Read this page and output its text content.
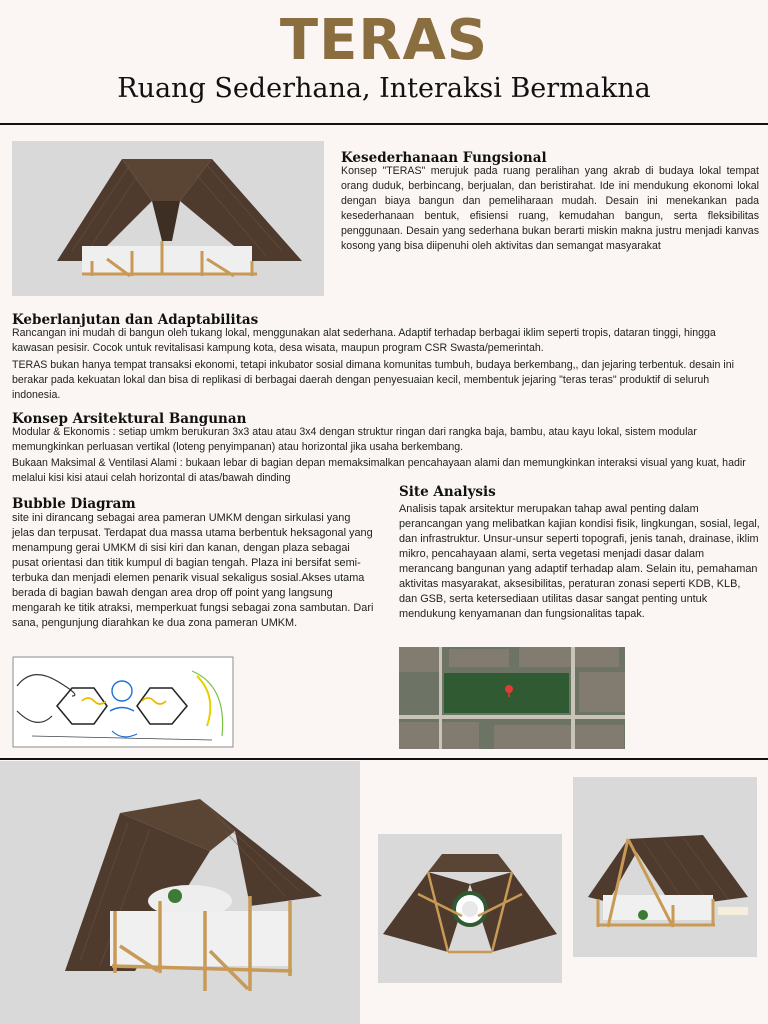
TERAS
Ruang Sederhana, Interaksi Bermakna
Kesederhanaan Fungsional
Konsep "TERAS" merujuk pada ruang peralihan yang akrab di budaya lokal tempat orang duduk, berbincang, berjualan, dan beristirahat. Ide ini mendukung ekonomi lokal dengan biaya bangun dan pemeliharaan mudah. Desain ini menekankan pada kesederhanaan bentuk, efisiensi ruang, kemudahan bangun, serta fleksibilitas penggunaan. Desain yang sederhana bukan berarti miskin makna justru menjadi kanvas kosong yang bisa diipenuhi oleh aktivitas dan semangat masyarakat
Keberlanjutan dan Adaptabilitas
Rancangan ini mudah di bangun oleh tukang lokal, menggunakan alat sederhana. Adaptif terhadap berbagai iklim seperti tropis, dataran tinggi, hingga kawasan pesisir. Cocok untuk revitalisasi kampung kota, desa wisata, maupun program CSR Swasta/pemerintah.
TERAS bukan hanya tempat transaksi ekonomi, tetapi inkubator sosial dimana komunitas tumbuh, budaya berkembang,, dan jejaring terbentuk. desain ini berakar pada kekuatan lokal dan bisa di replikasi di berbagai daerah dengan penyesuaian kecil, membentuk jejaring "teras teras" produktif di seluruh indonesia.
Konsep Arsitektural Bangunan
Modular & Ekonomis : setiap umkm berukuran 3x3 atau atau 3x4 dengan struktur ringan dari rangka baja, bambu, atau kayu lokal, sistem modular memungkinkan perluasan vertikal (loteng penyimpanan) atau horizontal jika usaha berkembang.
Bukaan Maksimal & Ventilasi Alami : bukaan lebar di bagian depan memaksimalkan pencahayaan alami dan memungkinkan interaksi visual yang kuat, hadir melalui kisi kisi ataui celah horizontal di atas/bawah dinding
Bubble Diagram
site ini dirancang sebagai area pameran UMKM dengan sirkulasi yang jelas dan terpusat. Terdapat dua massa utama berbentuk heksagonal yang menampung gerai UMKM di sisi kiri dan kanan, dengan plaza sebagai pusat orientasi dan titik kumpul di bagian tengah. Plaza ini bersifat semi-terbuka dan menjadi elemen penarik visual sekaligus sosial.Akses utama berada di bagian bawah dengan area drop off point yang langsung mengarah ke titik atraksi, memperkuat fungsi sebagai zona sambutan. Dari sana, pengunjung diarahkan ke dua zona pameran UMKM.
Site Analysis
Analisis tapak arsitektur merupakan tahap awal penting dalam perancangan yang melibatkan kajian kondisi fisik, lingkungan, sosial, legal, dan infrastruktur. Unsur-unsur seperti topografi, jenis tanah, drainase, iklim mikro, pencahayaan alami, serta vegetasi menjadi dasar dalam merancang bangunan yang adaptif terhadap alam. Selain itu, pemahaman aktivitas masyarakat, aksesibilitas, peraturan zonasi seperti KDB, KLB, dan GSB, serta ketersediaan utilitas dasar sangat penting untuk mendukung kenyamanan dan fungsionalitas tapak.
